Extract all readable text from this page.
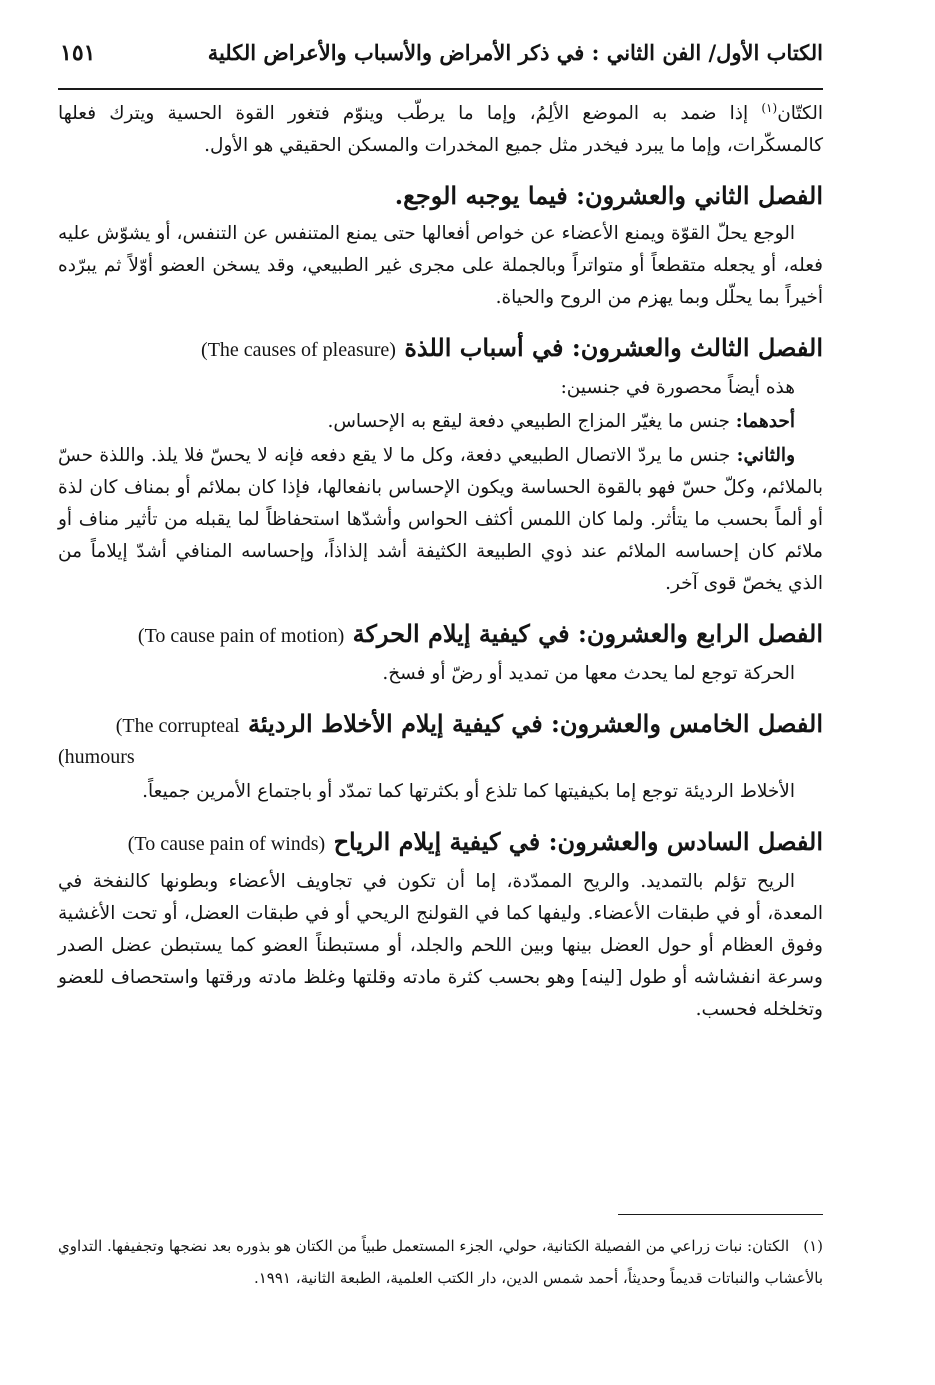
الكتاب الأول/ الفن الثاني : في ذكر الأمراض والأسباب والأعراض الكلية
١٥١

الكتّان$^{(١)}$ إذا ضمد به الموضع الألِمُ، وإما ما يرطّب وينوّم فتغور القوة الحسية ويترك فعلها كالمسكّرات، وإما ما يبرد فيخدر مثل جميع المخدرات والمسكن الحقيقي هو الأول.

الفصل الثاني والعشرون: فيما يوجبه الوجع.

الوجع يحلّ القوّة ويمنع الأعضاء عن خواص أفعالها حتى يمنع المتنفس عن التنفس، أو يشوّش عليه فعله، أو يجعله متقطعاً أو متواتراً وبالجملة على مجرى غير الطبيعي، وقد يسخن العضو أوّلاً ثم يبرّده أخيراً بما يحلّل وبما يهزم من الروح والحياة.

الفصل الثالث والعشرون: في أسباب اللذة (The causes of pleasure)

هذه أيضاً محصورة في جنسين:

أحدهما: جنس ما يغيّر المزاج الطبيعي دفعة ليقع به الإحساس.

والثاني: جنس ما يردّ الاتصال الطبيعي دفعة، وكل ما لا يقع دفعه فإنه لا يحسّ فلا يلذ. واللذة حسّ بالملائم، وكلّ حسّ فهو بالقوة الحساسة ويكون الإحساس بانفعالها، فإذا كان بملائم أو بمناف كان لذة أو ألماً بحسب ما يتأثر. ولما كان اللمس أكثف الحواس وأشدّها استحفاظاً لما يقبله من تأثير مناف أو ملائم كان إحساسه الملائم عند ذوي الطبيعة الكثيفة أشد إلذاذاً، وإحساسه المنافي أشدّ إيلاماً من الذي يخصّ قوى آخر.

الفصل الرابع والعشرون: في كيفية إيلام الحركة (To cause pain of motion)

الحركة توجع لما يحدث معها من تمديد أو رضّ أو فسخ.

الفصل الخامس والعشرون: في كيفية إيلام الأخلاط الرديئة (The corrupteal
humours)

الأخلاط الرديئة توجع إما بكيفيتها كما تلذع أو بكثرتها كما تمدّد أو باجتماع الأمرين جميعاً.

الفصل السادس والعشرون: في كيفية إيلام الرياح (To cause pain of winds)

الريح تؤلم بالتمديد. والريح الممدّدة، إما أن تكون في تجاويف الأعضاء وبطونها كالنفخة في المعدة، أو في طبقات الأعضاء. وليفها كما في القولنج الريحي أو في طبقات العضل، أو تحت الأغشية وفوق العظام أو حول العضل بينها وبين اللحم والجلد، أو مستبطناً العضو كما يستبطن عضل الصدر وسرعة انفشاشه أو طول [لينه] وهو بحسب كثرة مادته وقلتها وغلظ مادته ورقتها واستحصاف للعضو وتخلخله فحسب.

(١)الكتان: نبات زراعي من الفصيلة الكتانية، حولي، الجزء المستعمل طبياً من الكتان هو بذوره بعد نضجها وتجفيفها. التداوي بالأعشاب والنباتات قديماً وحديثاً، أحمد شمس الدين، دار الكتب العلمية، الطبعة الثانية، ١٩٩١.
